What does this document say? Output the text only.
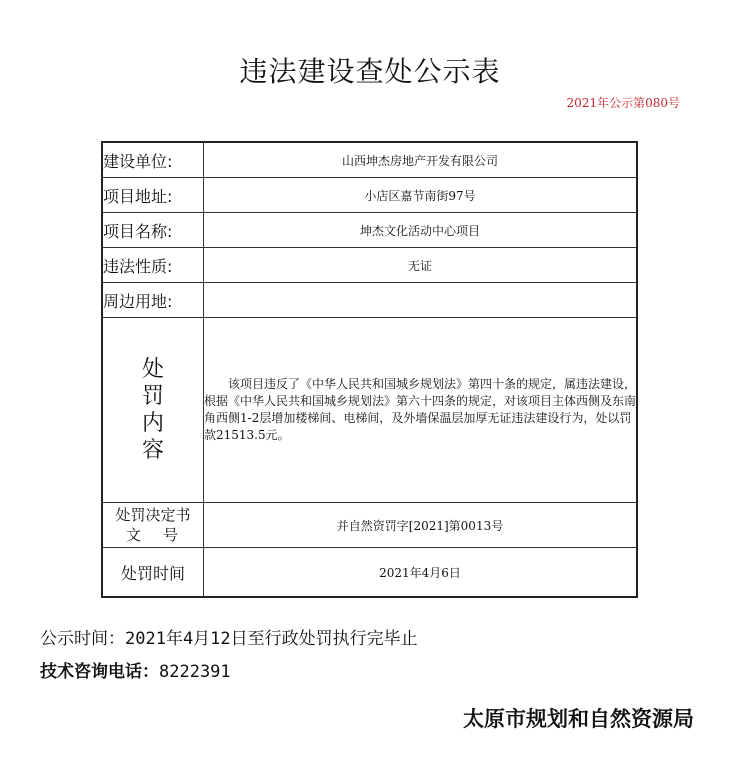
违法建设查处公示表
2021年公示第080号
建设单位:	山西坤杰房地产开发有限公司
项目地址:	小店区嘉节南街97号
项目名称:	坤杰文化活动中心项目
违法性质:	无证
周边用地:	

处
罚
内
容	该项目违反了《中华人民共和国城乡规划法》第四十条的规定，属违法建设，根据《中华人民共和国城乡规划法》第六十四条的规定，对该项目主体西侧及东南角西侧1-2层增加楼梯间、电梯间，及外墙保温层加厚无证违法建设行为，处以罚款21513.5元。

处罚决定书
文号	并自然资罚字[2021]第0013号
处罚时间	2021年4月6日
公示时间：2021年4月12日至行政处罚执行完毕止
技术咨询电话：8222391
太原市规划和自然资源局
